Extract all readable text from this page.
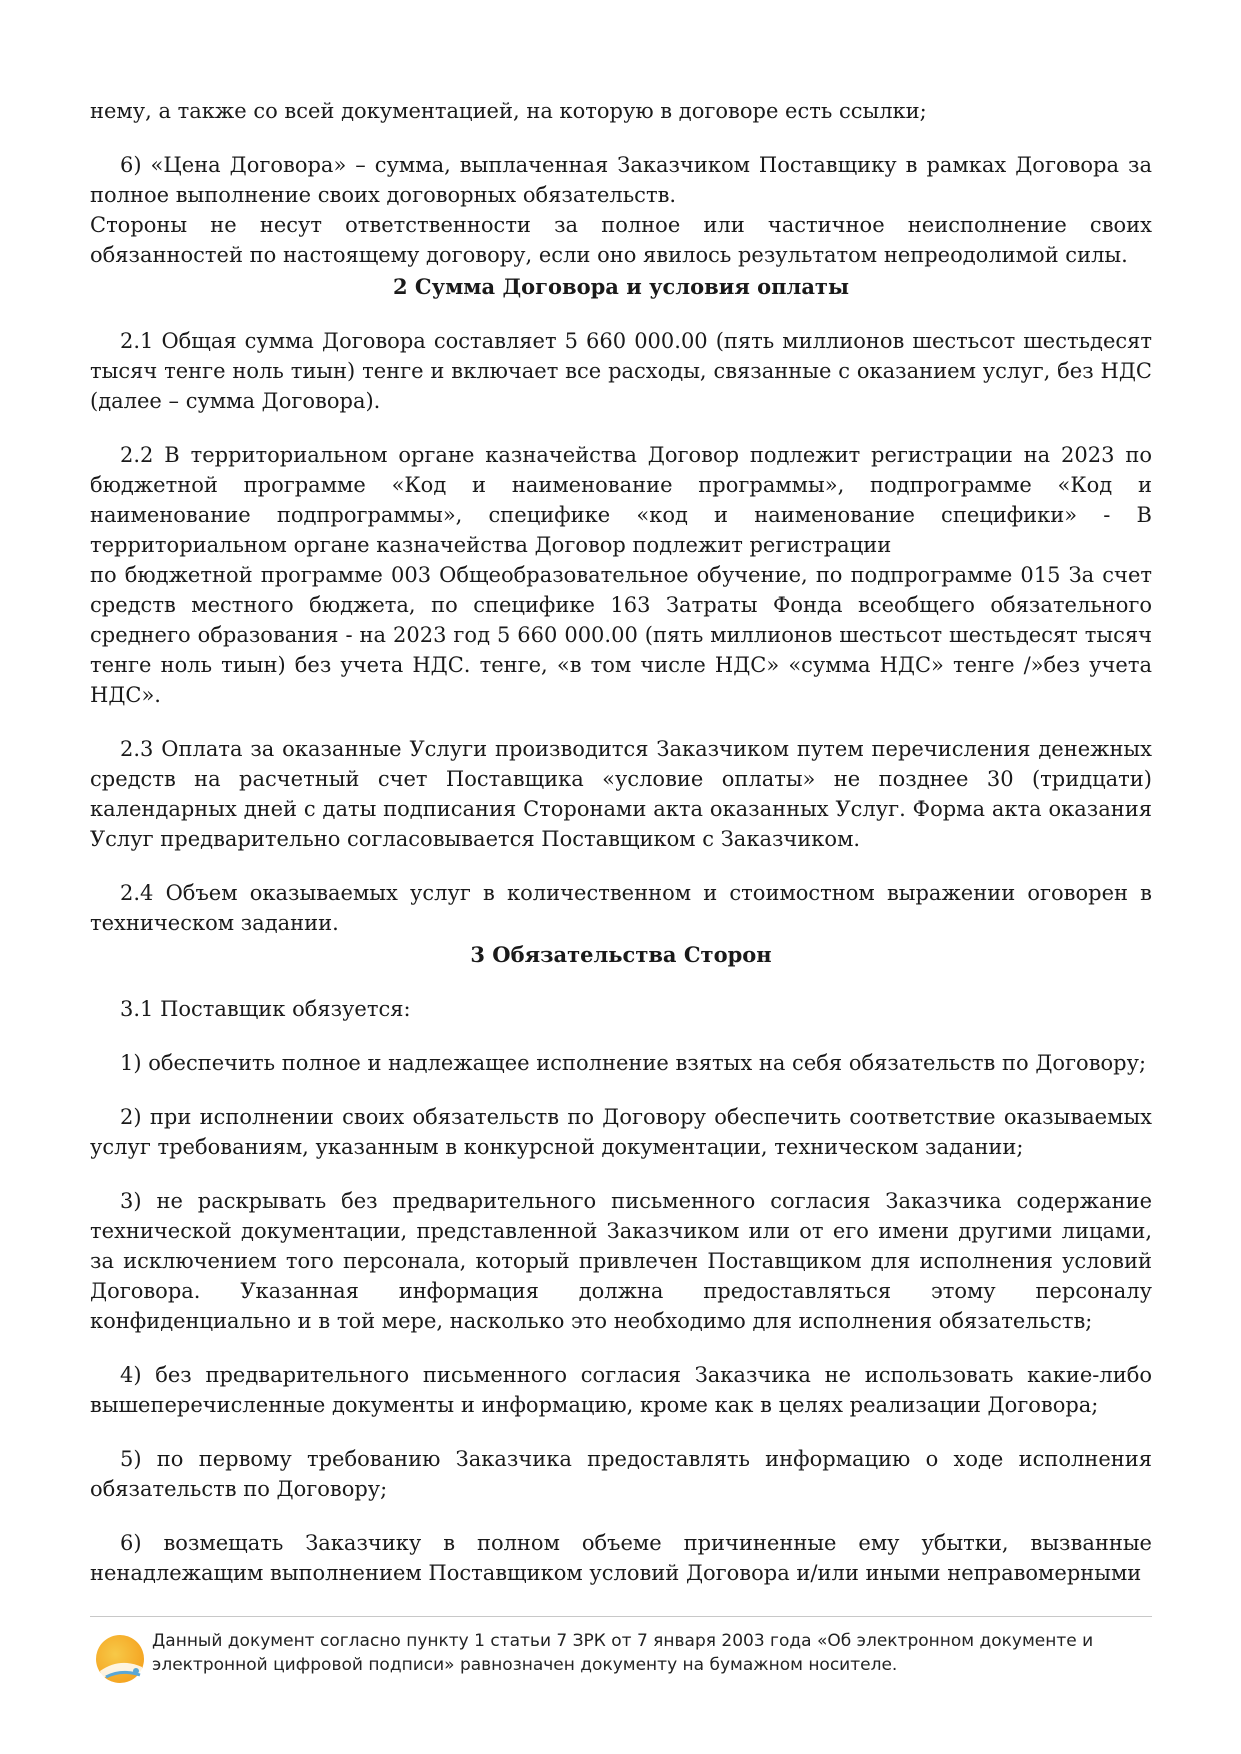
нему, а также со всей документацией, на которую в договоре есть ссылки;

6) «Цена Договора» – сумма, выплаченная Заказчиком Поставщику в рамках Договора за полное выполнение своих договорных обязательств.

Стороны не несут ответственности за полное или частичное неисполнение своих обязанностей по настоящему договору, если оно явилось результатом непреодолимой силы.

2 Сумма Договора и условия оплаты

2.1 Общая сумма Договора составляет 5 660 000.00 (пять миллионов шестьсот шестьдесят тысяч тенге ноль тиын) тенге и включает все расходы, связанные с оказанием услуг, без НДС (далее – сумма Договора).

2.2 В территориальном органе казначейства Договор подлежит регистрации на 2023 по бюджетной программе «Код и наименование программы», подпрограмме «Код и наименование подпрограммы», специфике «код и наименование специфики» - В территориальном органе казначейства Договор подлежит регистрации

по бюджетной программе 003 Общеобразовательное обучение, по подпрограмме 015 За счет средств местного бюджета, по специфике 163 Затраты Фонда всеобщего обязательного среднего образования - на 2023 год 5 660 000.00 (пять миллионов шестьсот шестьдесят тысяч тенге ноль тиын) без учета НДС. тенге, «в том числе НДС» «сумма НДС» тенге /»без учета НДС».

2.3 Оплата за оказанные Услуги производится Заказчиком путем перечисления денежных средств на расчетный счет Поставщика «условие оплаты» не позднее 30 (тридцати) календарных дней с даты подписания Сторонами акта оказанных Услуг. Форма акта оказания Услуг предварительно согласовывается Поставщиком с Заказчиком.

2.4 Объем оказываемых услуг в количественном и стоимостном выражении оговорен в техническом задании.

3 Обязательства Сторон

3.1 Поставщик обязуется:

1) обеспечить полное и надлежащее исполнение взятых на себя обязательств по Договору;

2) при исполнении своих обязательств по Договору обеспечить соответствие оказываемых услуг требованиям, указанным в конкурсной документации, техническом задании;

3) не раскрывать без предварительного письменного согласия Заказчика содержание технической документации, представленной Заказчиком или от его имени другими лицами, за исключением того персонала, который привлечен Поставщиком для исполнения условий Договора. Указанная информация должна предоставляться этому персоналу конфиденциально и в той мере, насколько это необходимо для исполнения обязательств;

4) без предварительного письменного согласия Заказчика не использовать какие-либо вышеперечисленные документы и информацию, кроме как в целях реализации Договора;

5) по первому требованию Заказчика предоставлять информацию о ходе исполнения обязательств по Договору;

6) возмещать Заказчику в полном объеме причиненные ему убытки, вызванные ненадлежащим выполнением Поставщиком условий Договора и/или иными неправомерными

Данный документ согласно пункту 1 статьи 7 ЗРК от 7 января 2003 года «Об электронном документе и электронной цифровой подписи» равнозначен документу на бумажном носителе.
